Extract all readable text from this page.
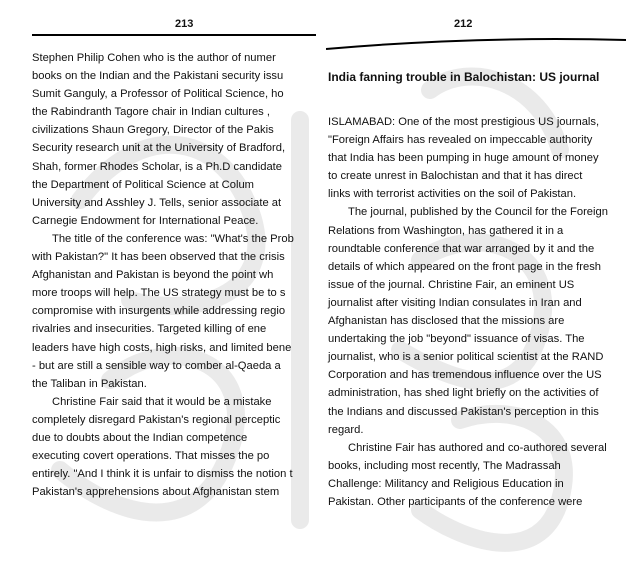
213
Stephen Philip Cohen who is the author of numer
books on the Indian and the Pakistani security issu
Sumit Ganguly, a Professor of Political Science, ho
the Rabindranth Tagore chair in Indian cultures ,
civilizations Shaun Gregory, Director of the Pakis
Security research unit at the University of Bradford,
Shah, former Rhodes Scholar, is a Ph.D candidate
the Department of Political Science at Colum
University and Asshley J. Tells, senior associate at
Carnegie Endowment for International Peace.
The title of the conference was: "What's the Prob
with Pakistan?" It has been observed that the crisis
Afghanistan and Pakistan is beyond the point wh
more troops will help. The US strategy must be to s
compromise with insurgents while addressing regio
rivalries and insecurities. Targeted killing of ene
leaders have high costs, high risks, and limited bene
- but are still a sensible way to comber al-Qaeda a
the Taliban in Pakistan.
Christine Fair said that it would be a mistake
completely disregard Pakistan's regional perceptic
due to doubts about the Indian competence
executing covert operations. That misses the po
entirely. "And I think it is unfair to dismiss the notion t
Pakistan's apprehensions about Afghanistan stem
212
India fanning trouble in Balochistan: US journal
ISLAMABAD: One of the most prestigious US journals,
"Foreign Affairs has revealed on impeccable authority
that India has been pumping in huge amount of money
to create unrest in Balochistan and that it has direct
links with terrorist activities on the soil of Pakistan.
The journal, published by the Council for the Foreign
Relations from Washington, has gathered it in a
roundtable conference that war arranged by it and the
details of which appeared on the front page in the fresh
issue of the journal. Christine Fair, an eminent US
journalist after visiting Indian consulates in Iran and
Afghanistan has disclosed that the missions are
undertaking the job "beyond" issuance of visas. The
journalist, who is a senior political scientist at the RAND
Corporation and has tremendous influence over the US
administration, has shed light briefly on the activities of
the Indians and discussed Pakistan's perception in this
regard.
Christine Fair has authored and co-authored several
books, including most recently, The Madrassah
Challenge: Militancy and Religious Education in
Pakistan. Other participants of the conference were
